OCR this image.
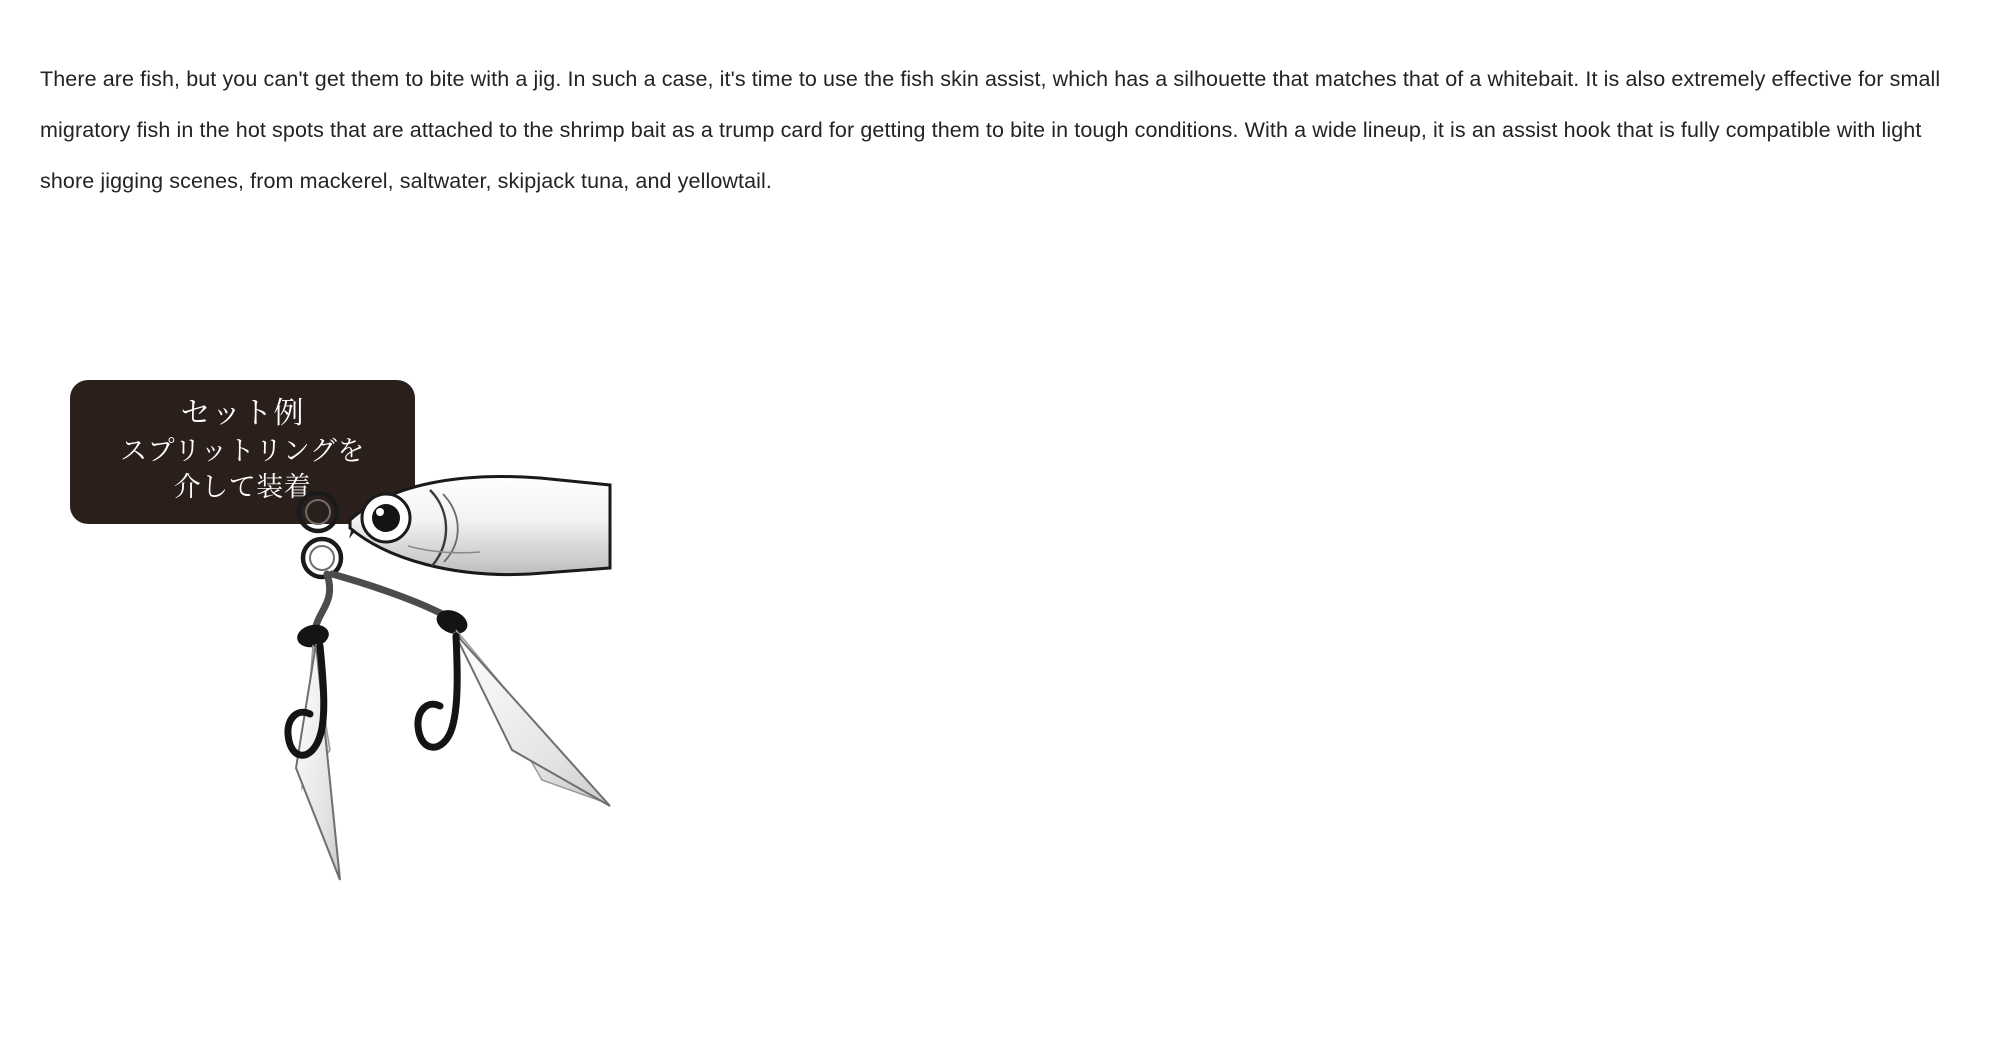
There are fish, but you can't get them to bite with a jig. In such a case, it's time to use the fish skin assist, which has a silhouette that matches that of a whitebait. It is also extremely effective for small migratory fish in the hot spots that are attached to the shrimp bait as a trump card for getting them to bite in tough conditions. With a wide lineup, it is an assist hook that is fully compatible with light shore jigging scenes, from mackerel, saltwater, skipjack tuna, and yellowtail.

セット例
スプリットリングを
介して装着
